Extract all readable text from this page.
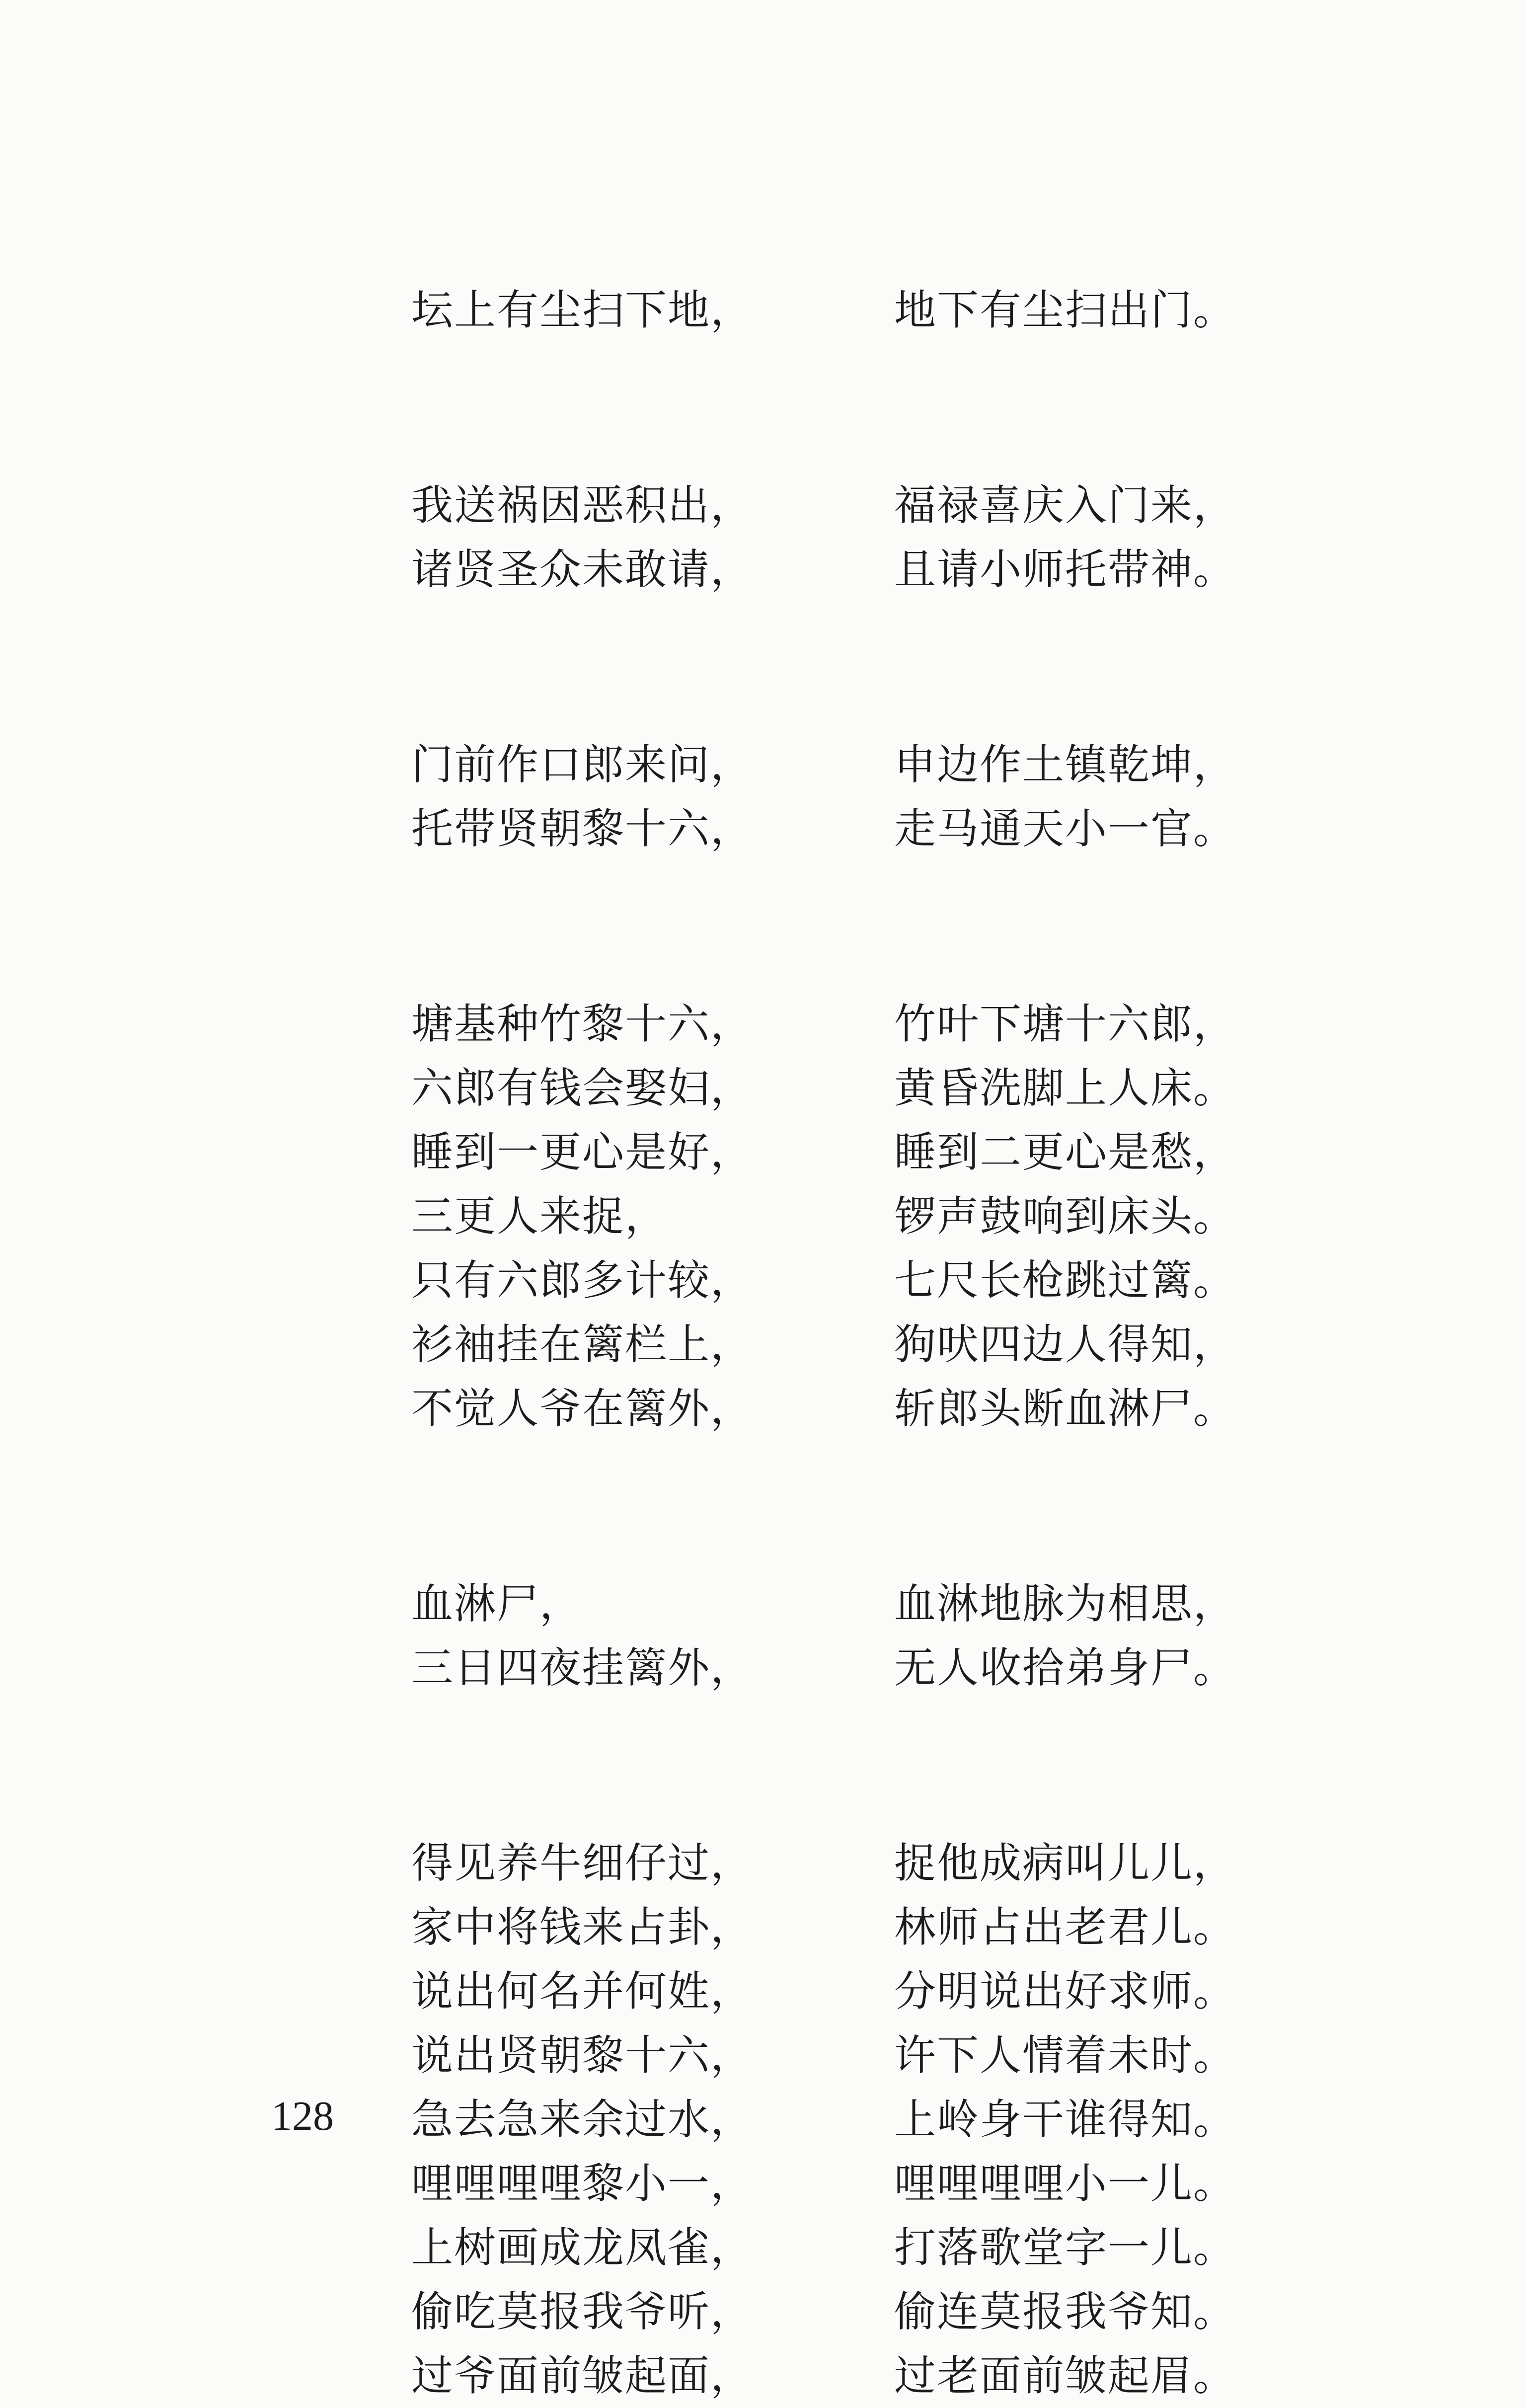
坛上有尘扫下地，	地下有尘扫出门。
我送祸因恶积出，	福禄喜庆入门来，
诸贤圣众未敢请，	且请小师托带神。
门前作口郎来问，	申边作土镇乾坤，
托带贤朝黎十六，	走马通天小一官。
塘基种竹黎十六，	竹叶下塘十六郎，
六郎有钱会娶妇，	黄昏洗脚上人床。
睡到一更心是好，	睡到二更心是愁，
三更人来捉，	锣声鼓响到床头。
只有六郎多计较，	七尺长枪跳过篱。
衫袖挂在篱栏上，	狗吠四边人得知，
不觉人爷在篱外，	斩郎头断血淋尸。
血淋尸，	血淋地脉为相思，
三日四夜挂篱外，	无人收拾弟身尸。
得见养牛细仔过，	捉他成病叫儿儿，
家中将钱来占卦，	林师占出老君儿。
说出何名并何姓，	分明说出好求师。
说出贤朝黎十六，	许下人情着未时。
急去急来余过水，	上岭身干谁得知。
哩哩哩哩黎小一，	哩哩哩哩小一儿。
上树画成龙凤雀，	打落歌堂字一儿。
偷吃莫报我爷听，	偷连莫报我爷知。
过爷面前皱起面，	过老面前皱起眉。
128
